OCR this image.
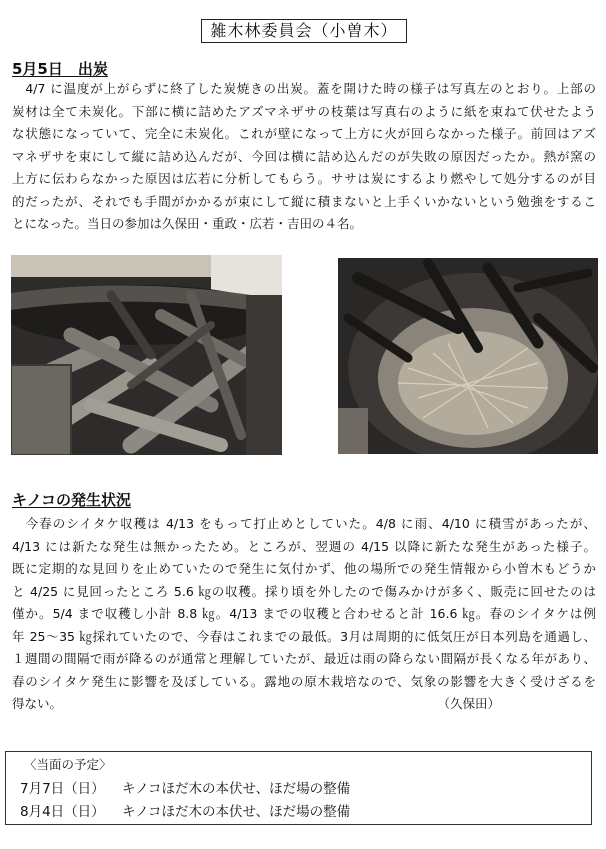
雑木林委員会（小曽木）
5月5日　出炭
　4/7 に温度が上がらずに終了した炭焼きの出炭。蓋を開けた時の様子は写真左のとおり。上部の
炭材は全て未炭化。下部に横に詰めたアズマネザサの枝葉は写真右のように紙を束ねて伏せたよう
な状態になっていて、完全に未炭化。これが壁になって上方に火が回らなかった様子。前回はアズ
マネザサを束にして縦に詰め込んだが、今回は横に詰め込んだのが失敗の原因だったか。熱が窯の
上方に伝わらなかった原因は広若に分析してもらう。ササは炭にするより燃やして処分するのが目
的だったが、それでも手間がかかるが束にして縦に積まないと上手くいかないという勉強をするこ
とになった。当日の参加は久保田・重政・広若・吉田の４名。
キノコの発生状況
　今春のシイタケ収穫は 4/13 をもって打止めとしていた。4/8 に雨、4/10 に積雪があったが、
4/13 には新たな発生は無かったため。ところが、翌週の 4/15 以降に新たな発生があった様子。
既に定期的な見回りを止めていたので発生に気付かず、他の場所での発生情報から小曽木もどうか
と 4/25 に見回ったところ 5.6 ㎏の収穫。採り頃を外したので傷みかけが多く、販売に回せたのは
僅か。5/4 まで収穫し小計 8.8 ㎏。4/13 までの収穫と合わせると計 16.6 ㎏。春のシイタケは例
年 25～35 ㎏採れていたので、今春はこれまでの最低。3月は周期的に低気圧が日本列島を通過し、
１週間の間隔で雨が降るのが通常と理解していたが、最近は雨の降らない間隔が長くなる年があり、
春のシイタケ発生に影響を及ぼしている。露地の原木栽培なので、気象の影響を大きく受けざるを
得ない。	（久保田）
〈当面の予定〉
7月7日（日） キノコほだ木の本伏せ、ほだ場の整備
8月4日（日） キノコほだ木の本伏せ、ほだ場の整備
